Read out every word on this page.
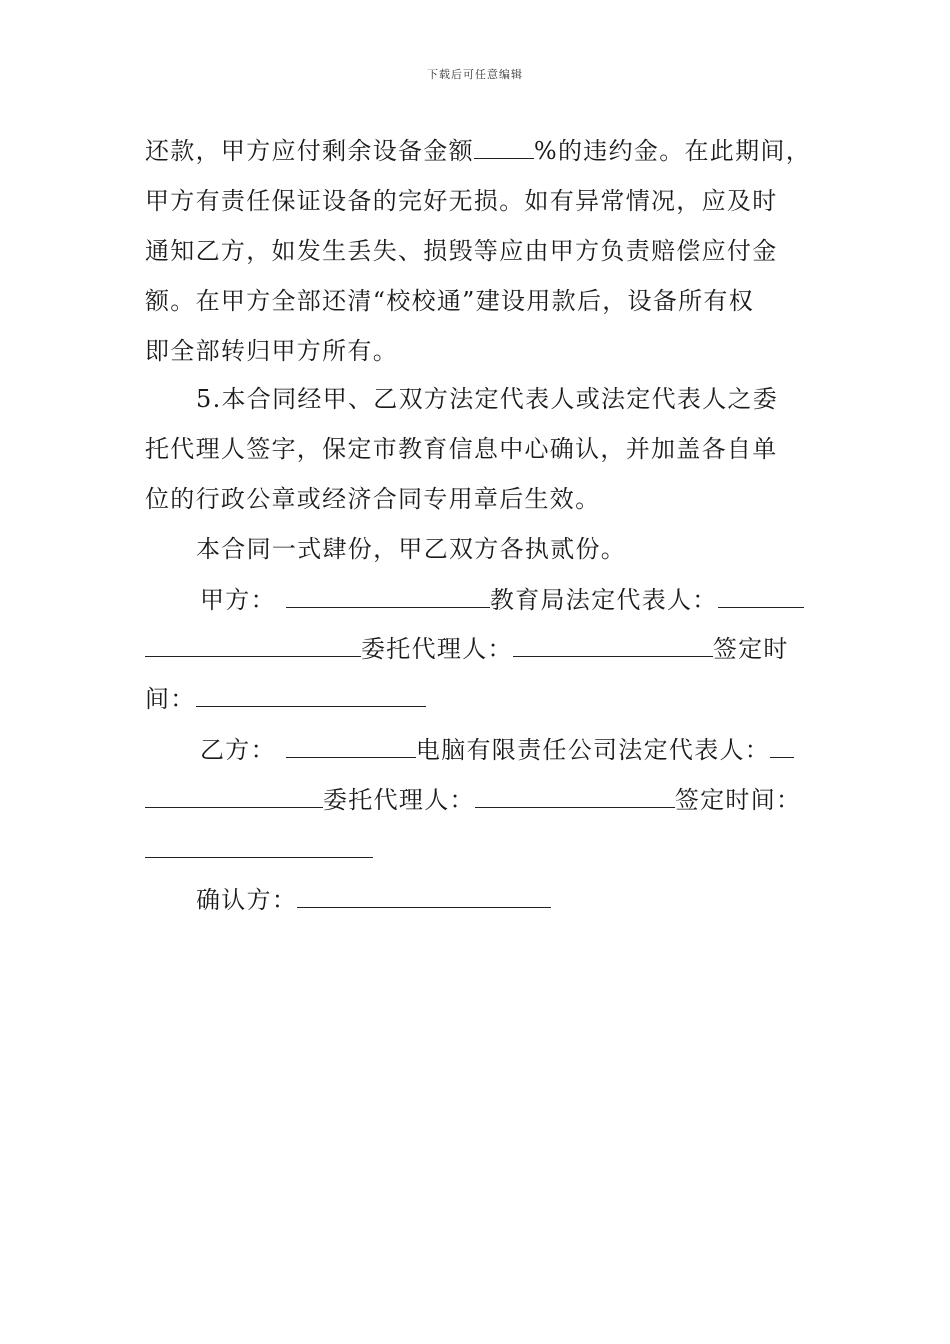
下载后可任意编辑
还款，甲方应付剩余设备金额	%的违约金。在此期间，
甲方有责任保证设备的完好无损。如有异常情况，应及时
通知乙方，如发生丢失、损毁等应由甲方负责赔偿应付金
额。在甲方全部还清“校校通”建设用款后，设备所有权
即全部转归甲方所有。
5.本合同经甲、乙双方法定代表人或法定代表人之委
托代理人签字，保定市教育信息中心确认，并加盖各自单
位的行政公章或经济合同专用章后生效。
本合同一式肆份，甲乙双方各执贰份。
甲方：	教育局法定代表人：
委托代理人：	签定时
间：
乙方：	电脑有限责任公司法定代表人：
委托代理人：	签定时间：
确认方：
